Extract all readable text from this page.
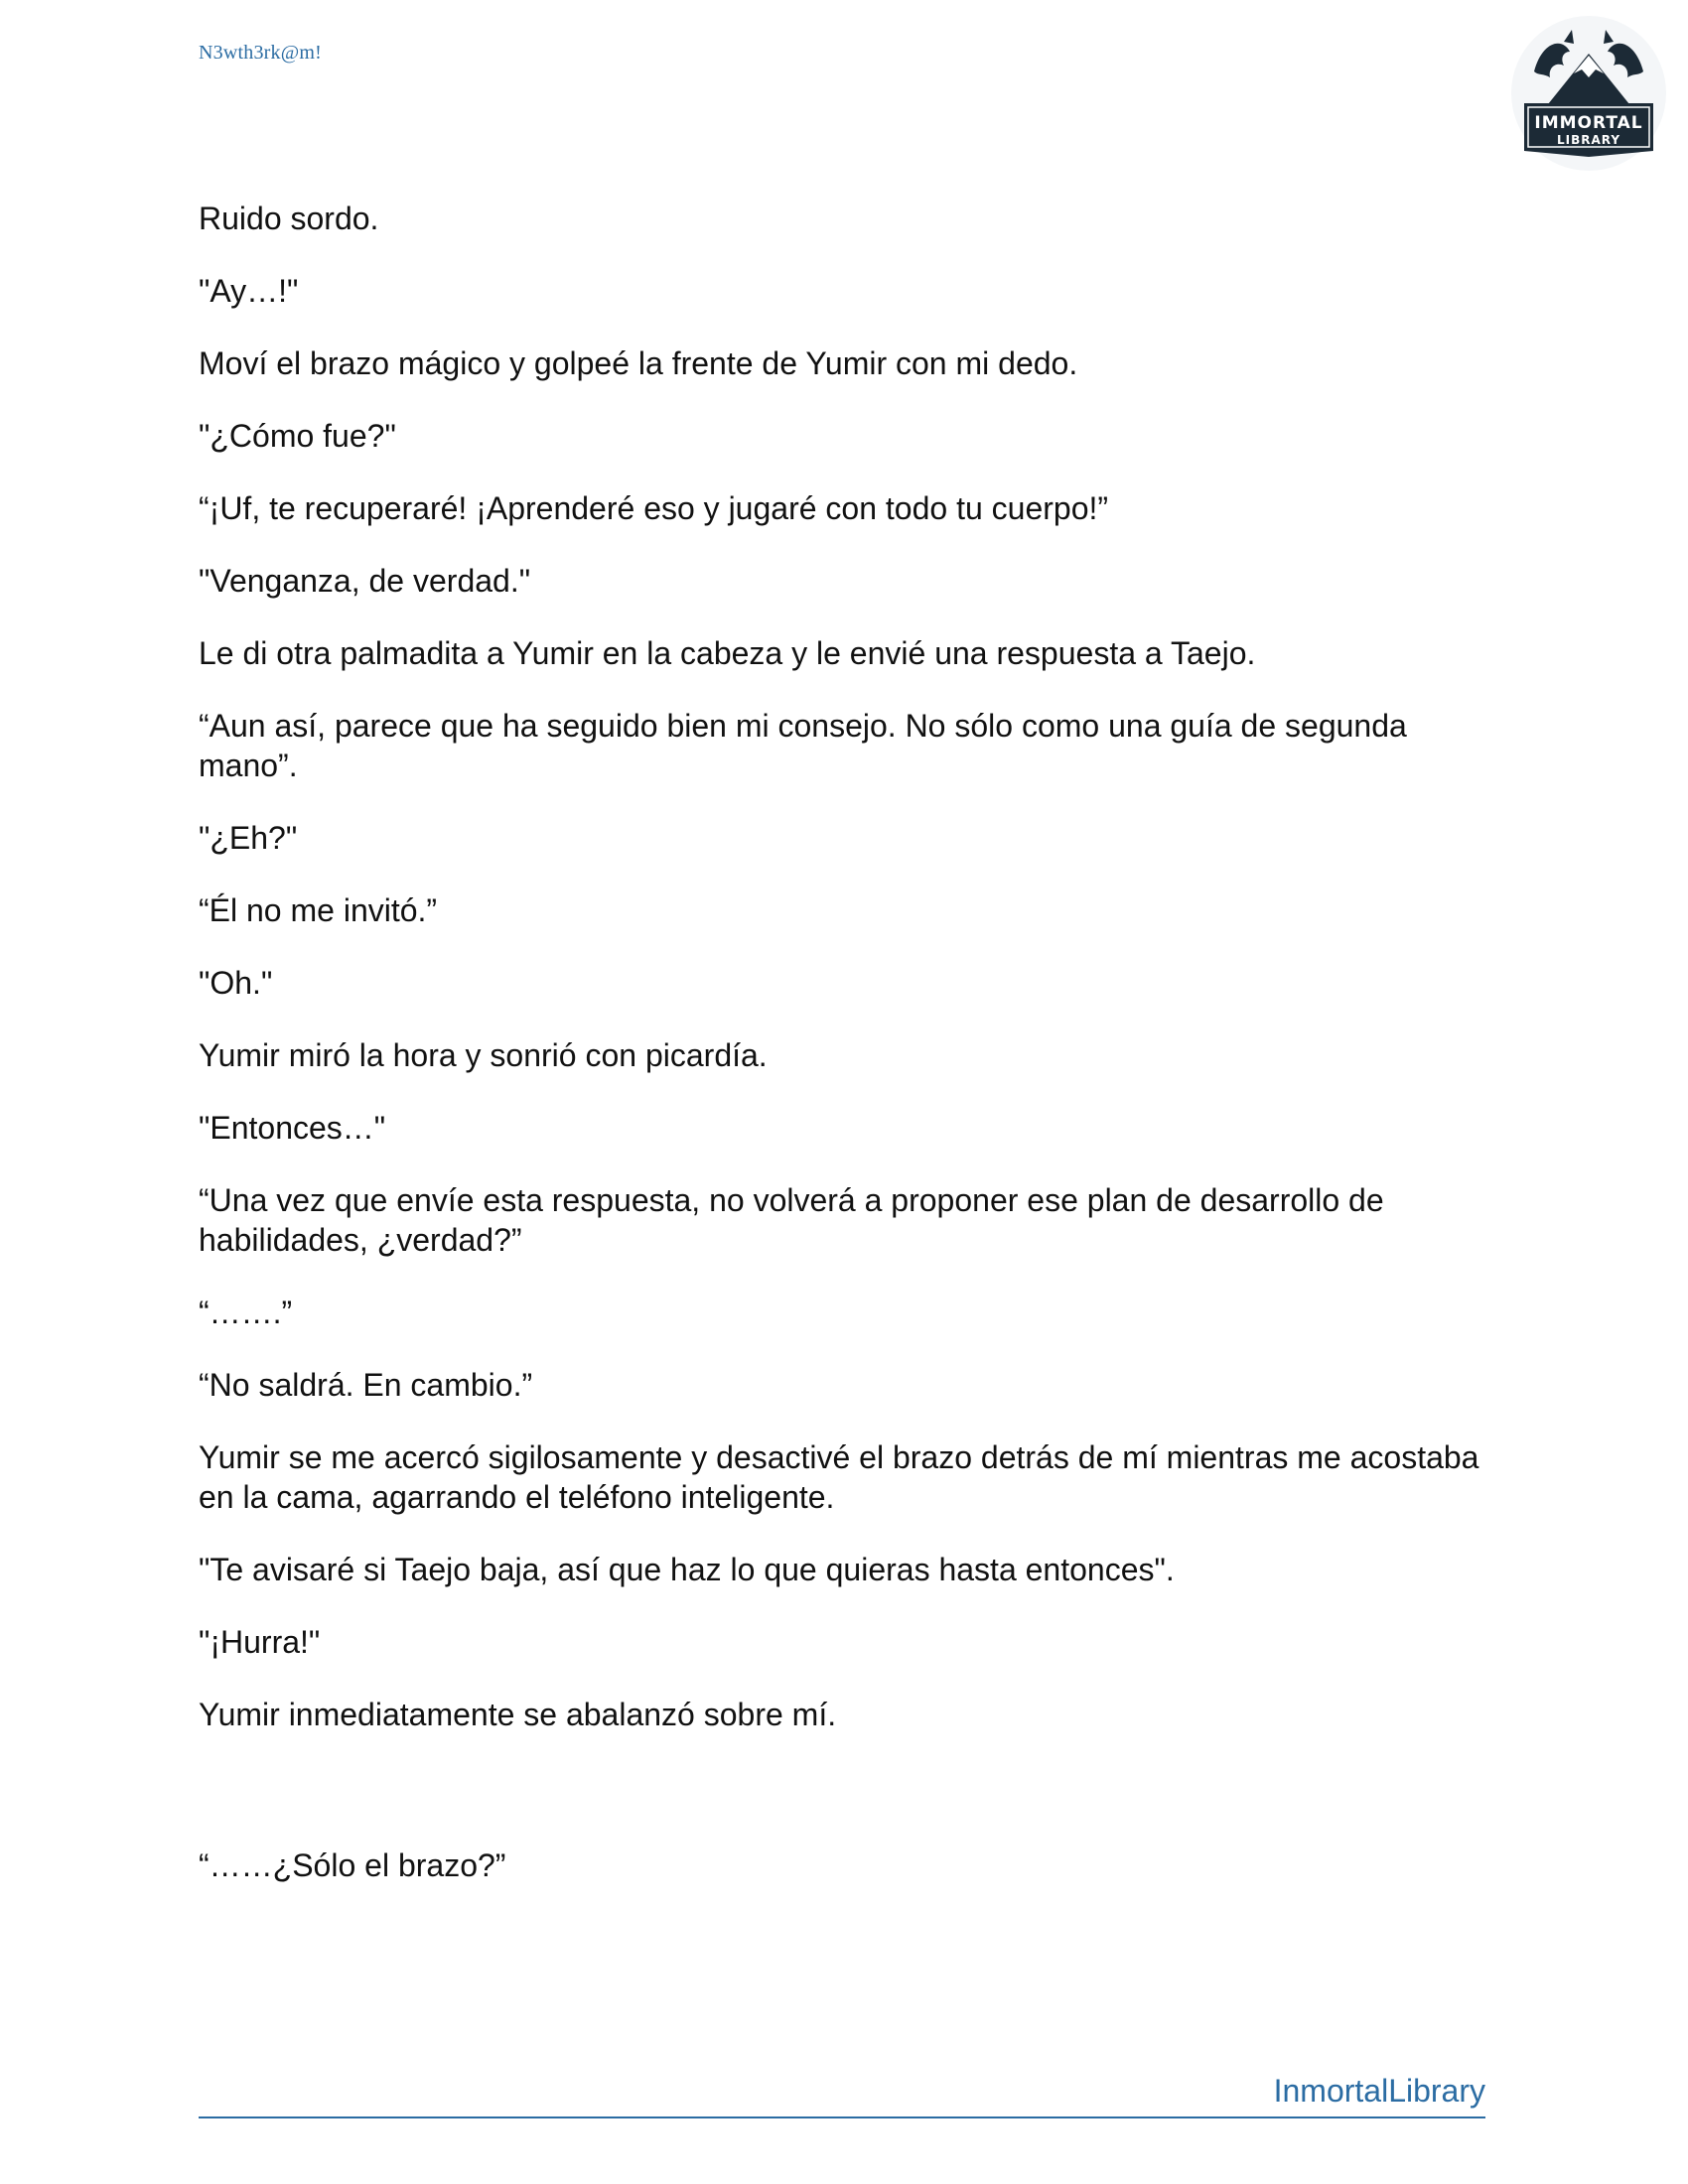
N3wth3rk@m!
IMMORTAL
LIBRARY

Ruido sordo.

"Ay…!"

Moví el brazo mágico y golpeé la frente de Yumir con mi dedo.

"¿Cómo fue?"

“¡Uf, te recuperaré! ¡Aprenderé eso y jugaré con todo tu cuerpo!”

"Venganza, de verdad."

Le di otra palmadita a Yumir en la cabeza y le envié una respuesta a Taejo.

“Aun así, parece que ha seguido bien mi consejo. No sólo como una guía de segunda mano”.

"¿Eh?"

“Él no me invitó.”

"Oh."

Yumir miró la hora y sonrió con picardía.

"Entonces…"

“Una vez que envíe esta respuesta, no volverá a proponer ese plan de desarrollo de habilidades, ¿verdad?”

“…….”

“No saldrá. En cambio.”

Yumir se me acercó sigilosamente y desactivé el brazo detrás de mí mientras me acostaba en la cama, agarrando el teléfono inteligente.

"Te avisaré si Taejo baja, así que haz lo que quieras hasta entonces".

"¡Hurra!"

Yumir inmediatamente se abalanzó sobre mí.

“……¿Sólo el brazo?”

InmortalLibrary
